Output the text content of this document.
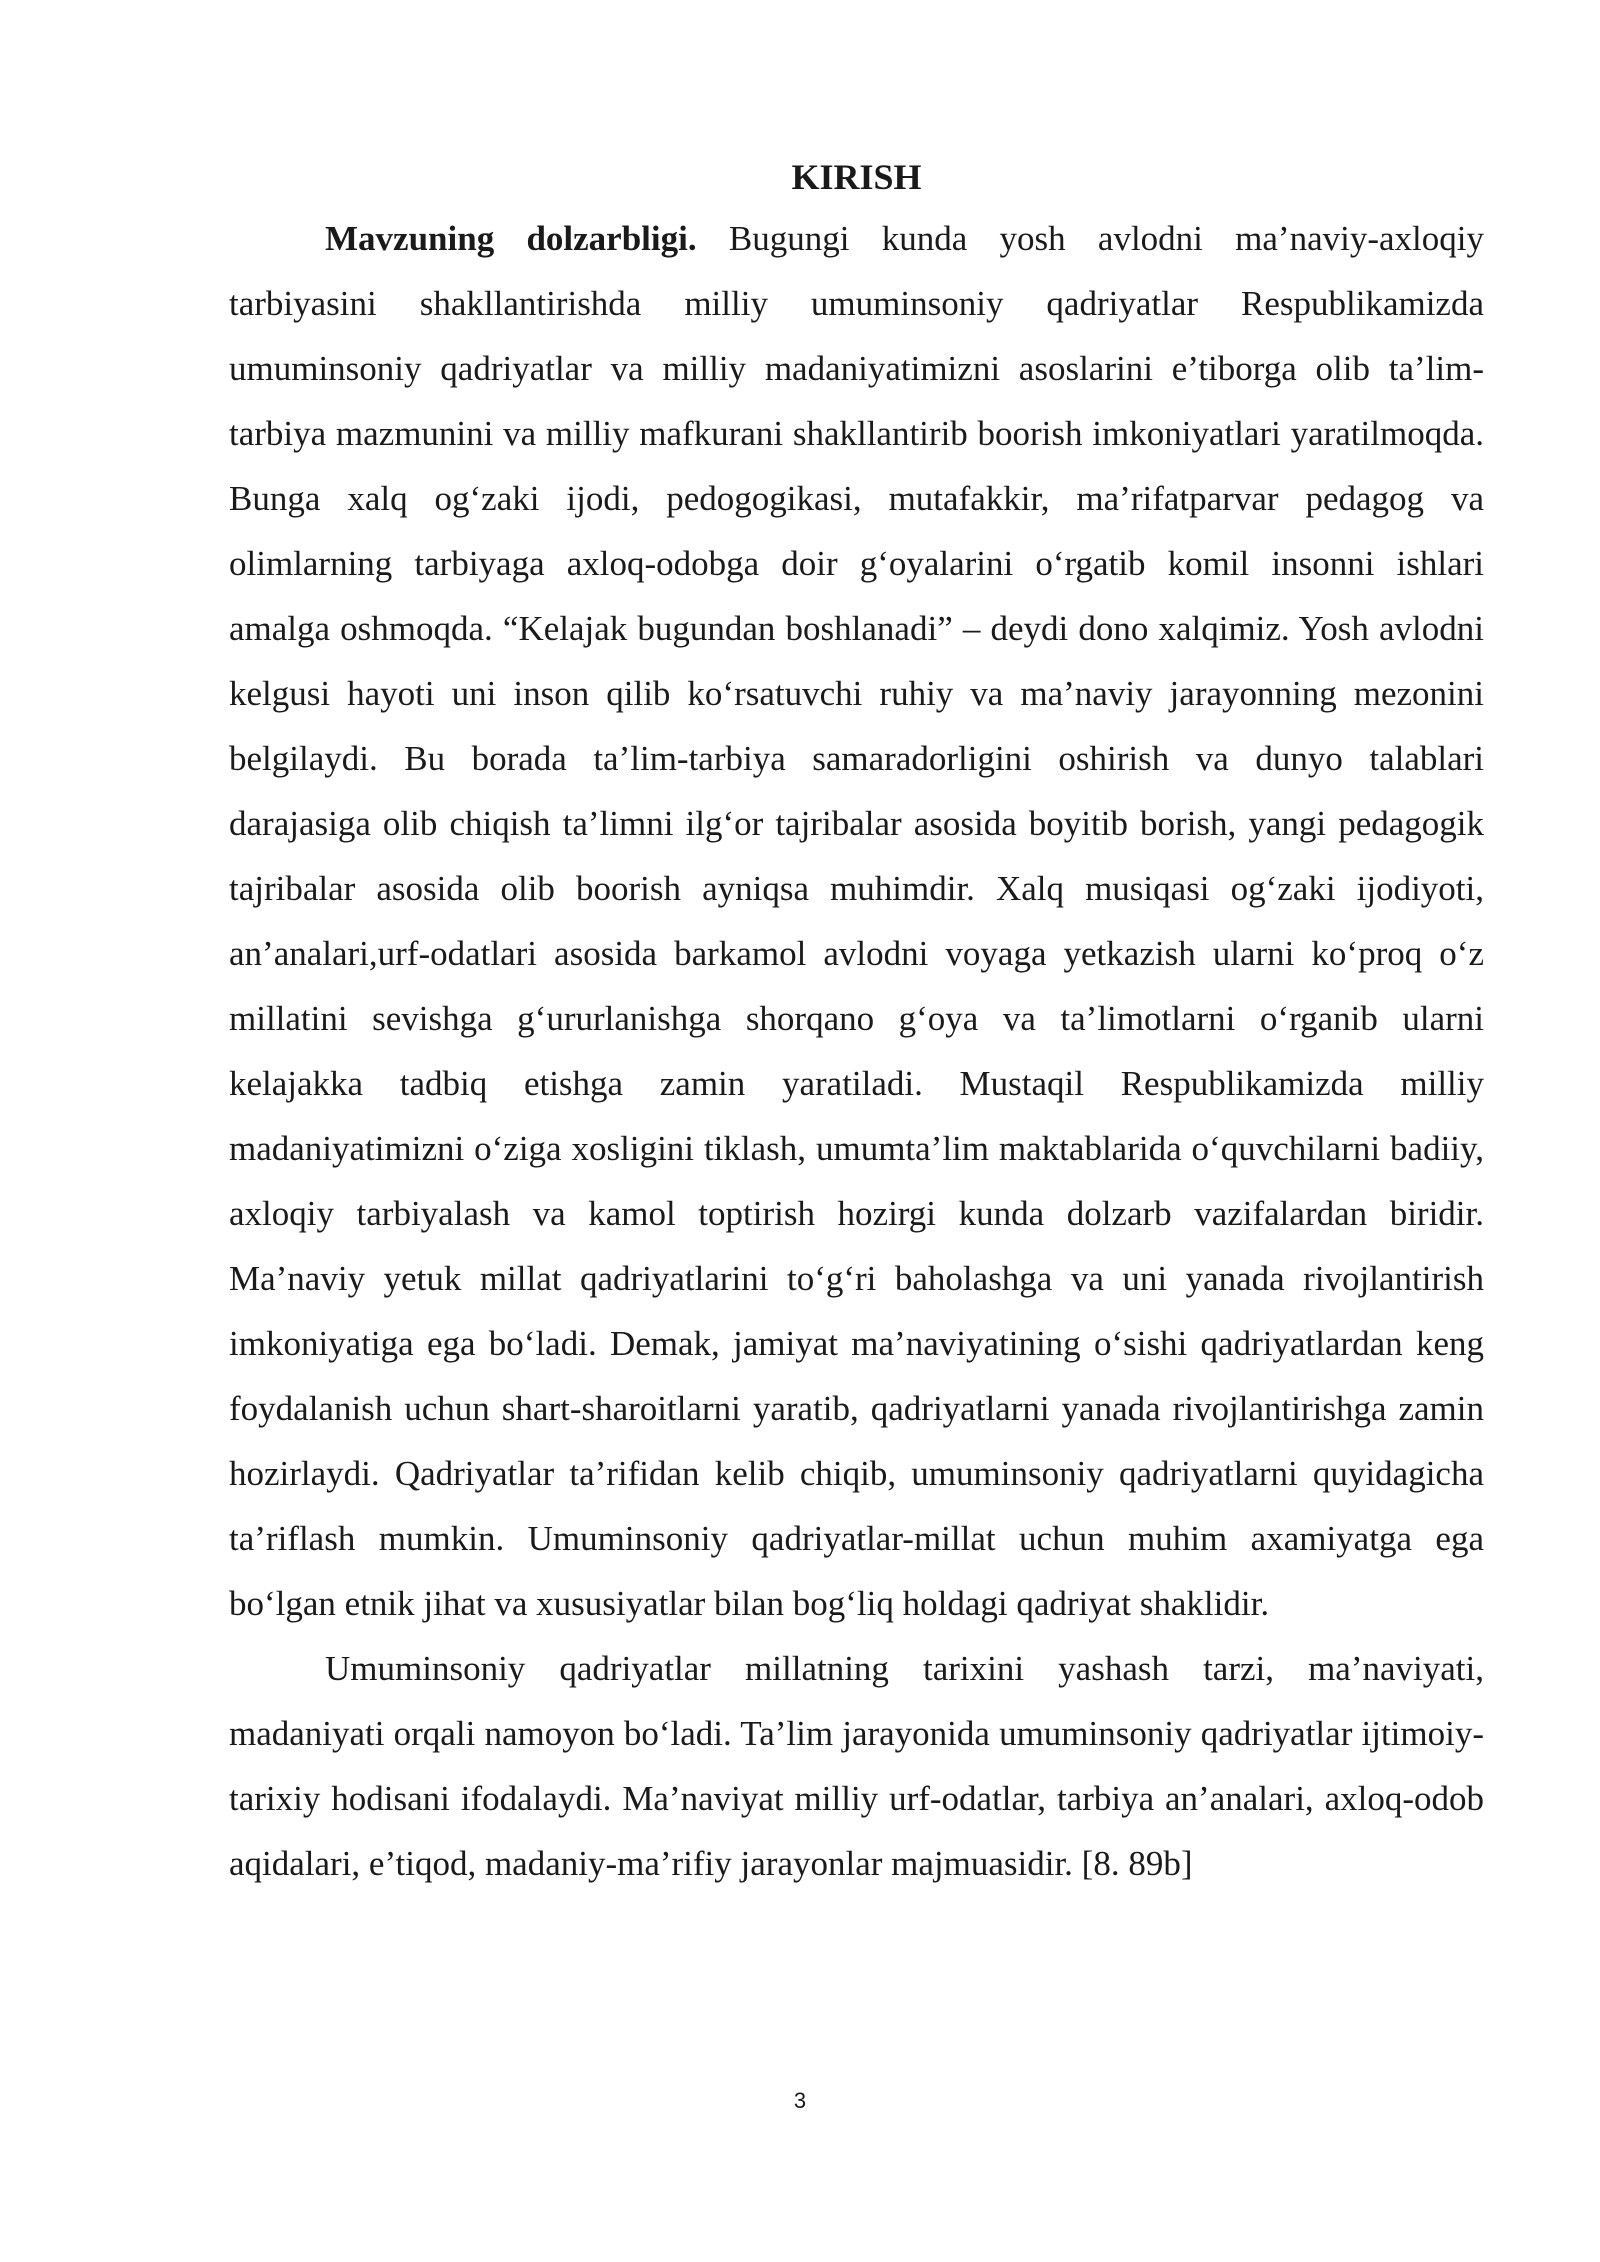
KIRISH

Mavzuning dolzarbligi. Bugungi kunda yosh avlodni ma’naviy-axloqiy tarbiyasini shakllantirishda milliy umuminsoniy qadriyatlar Respublikamizda umuminsoniy qadriyatlar va milliy madaniyatimizni asoslarini e’tiborga olib ta’lim-tarbiya mazmunini va milliy mafkurani shakllantirib boorish imkoniyatlari yaratilmoqda. Bunga xalq og‘zaki ijodi, pedogogikasi, mutafakkir, ma’rifatparvar pedagog va olimlarning tarbiyaga axloq-odobga doir g‘oyalarini o‘rgatib komil insonni ishlari amalga oshmoqda. “Kelajak bugundan boshlanadi” – deydi dono xalqimiz. Yosh avlodni kelgusi hayoti uni inson qilib ko‘rsatuvchi ruhiy va ma’naviy jarayonning mezonini belgilaydi. Bu borada ta’lim-tarbiya samaradorligini oshirish va dunyo talablari darajasiga olib chiqish ta’limni ilg‘or tajribalar asosida boyitib borish, yangi pedagogik tajribalar asosida olib boorish ayniqsa muhimdir. Xalq musiqasi og‘zaki ijodiyoti, an’analari,urf-odatlari asosida barkamol avlodni voyaga yetkazish ularni ko‘proq o‘z millatini sevishga g‘ururlanishga shorqano g‘oya va ta’limotlarni o‘rganib ularni kelajakka tadbiq etishga zamin yaratiladi. Mustaqil Respublikamizda milliy madaniyatimizni o‘ziga xosligini tiklash, umumta’lim maktablarida o‘quvchilarni badiiy, axloqiy tarbiyalash va kamol toptirish hozirgi kunda dolzarb vazifalardan biridir. Ma’naviy yetuk millat qadriyatlarini to‘g‘ri baholashga va uni yanada rivojlantirish imkoniyatiga ega bo‘ladi. Demak, jamiyat ma’naviyatining o‘sishi qadriyatlardan keng foydalanish uchun shart-sharoitlarni yaratib, qadriyatlarni yanada rivojlantirishga zamin hozirlaydi. Qadriyatlar ta’rifidan kelib chiqib, umuminsoniy qadriyatlarni quyidagicha ta’riflash mumkin. Umuminsoniy qadriyatlar-millat uchun muhim axamiyatga ega bo‘lgan etnik jihat va xususiyatlar bilan bog‘liq holdagi qadriyat shaklidir.

Umuminsoniy qadriyatlar millatning tarixini yashash tarzi, ma’naviyati, madaniyati orqali namoyon bo‘ladi. Ta’lim jarayonida umuminsoniy qadriyatlar ijtimoiy-tarixiy hodisani ifodalaydi. Ma’naviyat milliy urf-odatlar, tarbiya an’analari, axloq-odob aqidalari, e’tiqod, madaniy-ma’rifiy jarayonlar majmuasidir. [8. 89b]

3
